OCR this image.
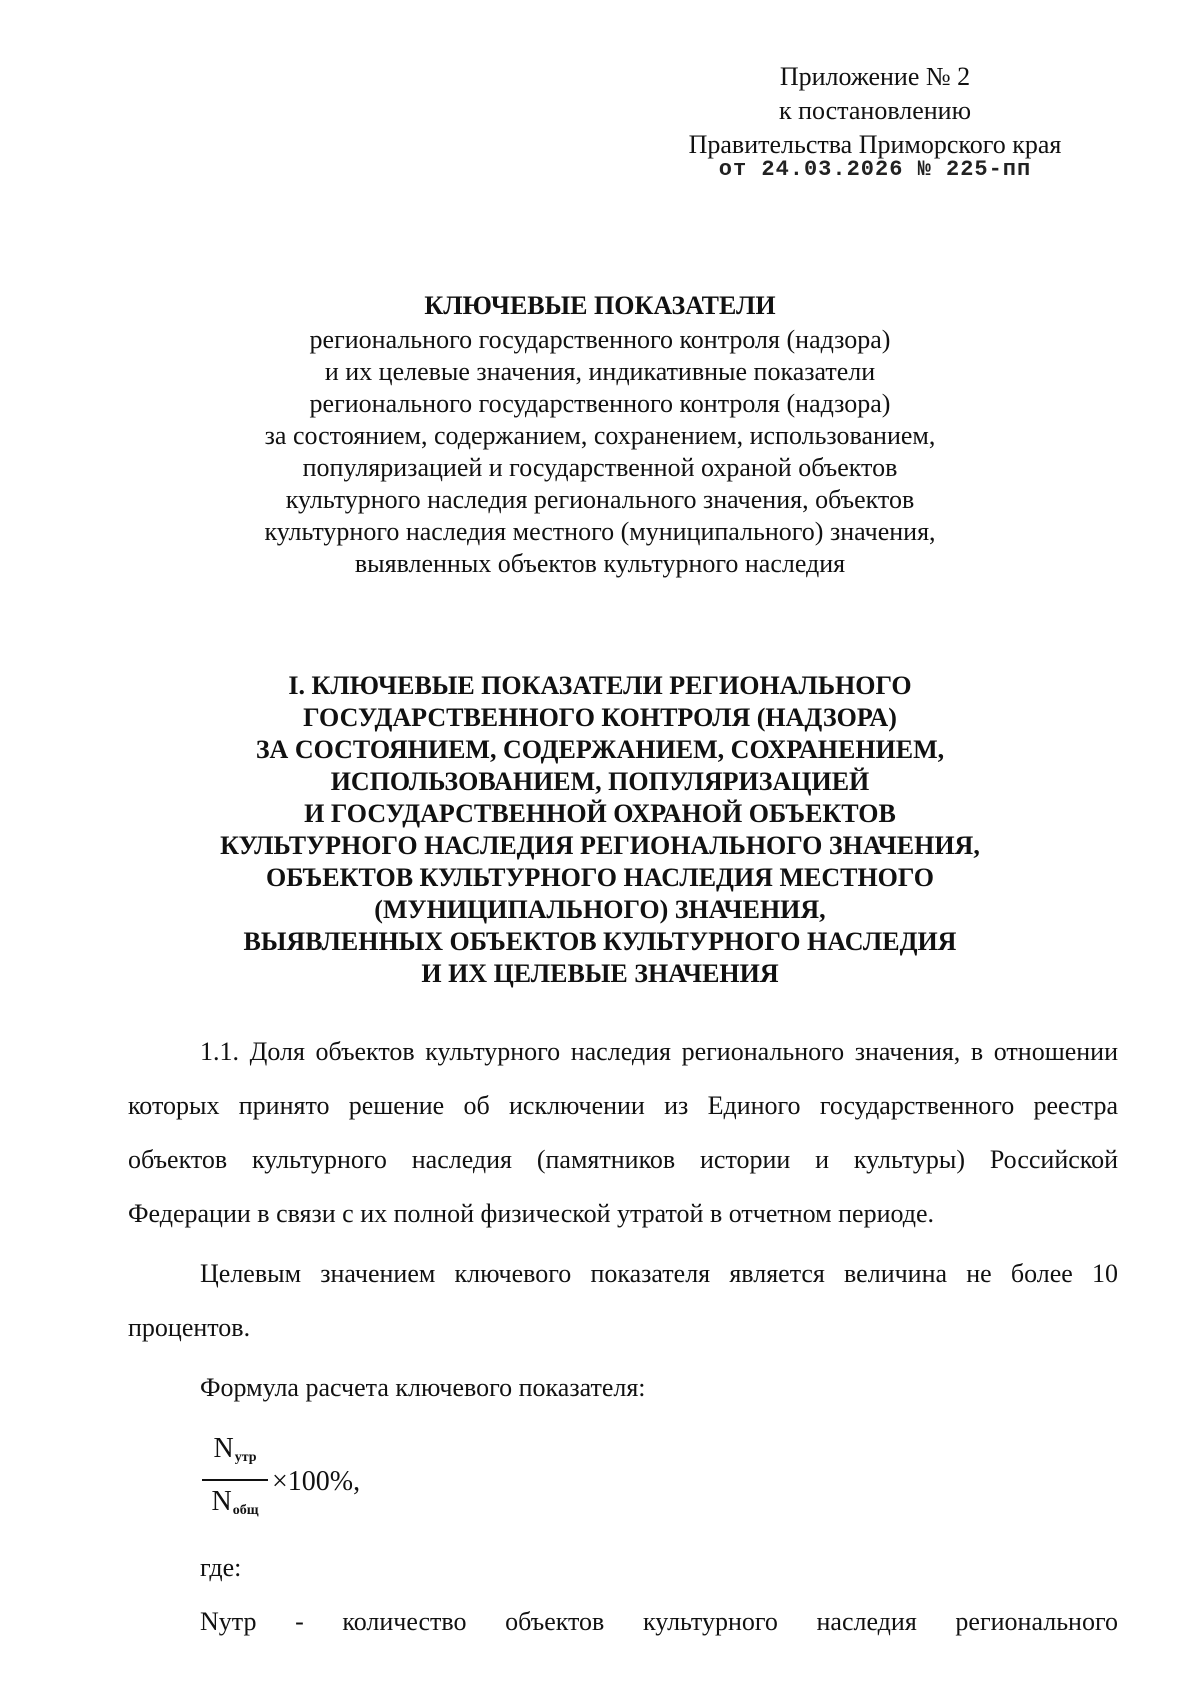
Приложение № 2
к постановлению
Правительства Приморского края
от 24.03.2026 № 225-пп
КЛЮЧЕВЫЕ ПОКАЗАТЕЛИ
регионального государственного контроля (надзора)
и их целевые значения, индикативные показатели
регионального государственного контроля (надзора)
за состоянием, содержанием, сохранением, использованием,
популяризацией и государственной охраной объектов
культурного наследия регионального значения, объектов
культурного наследия местного (муниципального) значения,
выявленных объектов культурного наследия
I. КЛЮЧЕВЫЕ ПОКАЗАТЕЛИ РЕГИОНАЛЬНОГО
ГОСУДАРСТВЕННОГО КОНТРОЛЯ (НАДЗОРА)
ЗА СОСТОЯНИЕМ, СОДЕРЖАНИЕМ, СОХРАНЕНИЕМ,
ИСПОЛЬЗОВАНИЕМ, ПОПУЛЯРИЗАЦИЕЙ
И ГОСУДАРСТВЕННОЙ ОХРАНОЙ ОБЪЕКТОВ
КУЛЬТУРНОГО НАСЛЕДИЯ РЕГИОНАЛЬНОГО ЗНАЧЕНИЯ,
ОБЪЕКТОВ КУЛЬТУРНОГО НАСЛЕДИЯ МЕСТНОГО
(МУНИЦИПАЛЬНОГО) ЗНАЧЕНИЯ,
ВЫЯВЛЕННЫХ ОБЪЕКТОВ КУЛЬТУРНОГО НАСЛЕДИЯ
И ИХ ЦЕЛЕВЫЕ ЗНАЧЕНИЯ

1.1. Доля объектов культурного наследия регионального значения, в отношении которых принято решение об исключении из Единого государственного реестра объектов культурного наследия (памятников истории и культуры) Российской Федерации в связи с их полной физической утратой в отчетном периоде.

Целевым значением ключевого показателя является величина не более 10 процентов.

Формула расчета ключевого показателя:

$\frac{N_{утр}}{N_{общ}} \times 100\%$,

где:

Nутр - количество объектов культурного наследия регионального
